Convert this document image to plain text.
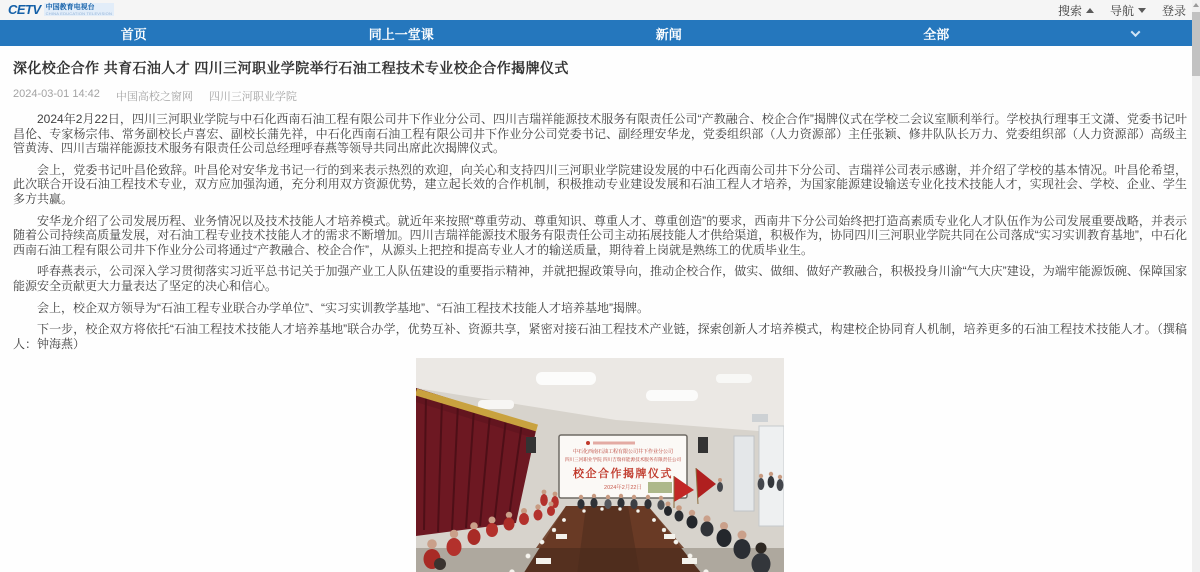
CETV 中国教育电视台
CHINA EDUCATION TELEVISION	搜索 导航 登录
首页	同上一堂课	新闻	全部
深化校企合作 共育石油人才 四川三河职业学院举行石油工程技术专业校企合作揭牌仪式
2024-03-01 14:42 中国高校之窗网 四川三河职业学院

2024年2月22日，四川三河职业学院与中石化西南石油工程有限公司井下作业分公司、四川吉瑞祥能源技术服务有限责任公司“产教融合、校企合作”揭牌仪式在学校二会议室顺利举行。学校执行理事王文潇、党委书记叶昌伦、专家杨宗伟、常务副校长卢喜宏、副校长蒲先祥，中石化西南石油工程有限公司井下作业分公司党委书记、副经理安华龙，党委组织部（人力资源部）主任张颖、修井队队长万力、党委组织部（人力资源部）高级主管黄涛、四川吉瑞祥能源技术服务有限责任公司总经理呼春燕等领导共同出席此次揭牌仪式。

会上，党委书记叶昌伦致辞。叶昌伦对安华龙书记一行的到来表示热烈的欢迎，向关心和支持四川三河职业学院建设发展的中石化西南公司井下分公司、吉瑞祥公司表示感谢，并介绍了学校的基本情况。叶昌伦希望，此次联合开设石油工程技术专业，双方应加强沟通，充分利用双方资源优势，建立起长效的合作机制，积极推动专业建设发展和石油工程人才培养，为国家能源建设输送专业化技术技能人才，实现社会、学校、企业、学生多方共赢。

安华龙介绍了公司发展历程、业务情况以及技术技能人才培养模式。就近年来按照“尊重劳动、尊重知识、尊重人才、尊重创造”的要求，西南井下分公司始终把打造高素质专业化人才队伍作为公司发展重要战略，并表示随着公司持续高质量发展，对石油工程专业技术技能人才的需求不断增加。四川吉瑞祥能源技术服务有限责任公司主动拓展技能人才供给渠道，积极作为，协同四川三河职业学院共同在公司落成“实习实训教育基地”，中石化西南石油工程有限公司井下作业分公司将通过“产教融合、校企合作”，从源头上把控和提高专业人才的输送质量，期待着上岗就是熟练工的优质毕业生。

呼春燕表示，公司深入学习贯彻落实习近平总书记关于加强产业工人队伍建设的重要指示精神，并就把握政策导向，推动企校合作，做实、做细、做好产教融合，积极投身川渝“气大庆”建设，为端牢能源饭碗、保障国家能源安全贡献更大力量表达了坚定的决心和信心。

会上，校企双方领导为“石油工程专业联合办学单位”、“实习实训教学基地”、“石油工程技术技能人才培养基地”揭牌。

下一步，校企双方将依托“石油工程技术技能人才培养基地”联合办学，优势互补、资源共享，紧密对接石油工程技术产业链，探索创新人才培养模式，构建校企协同育人机制，培养更多的石油工程技术技能人才。（撰稿人：钟海燕）

中石化西南石油工程有限公司井下作业分公司
四川三河职业学院 四川吉瑞祥能源技术服务有限责任公司
校企合作揭牌仪式
2024年2月22日
